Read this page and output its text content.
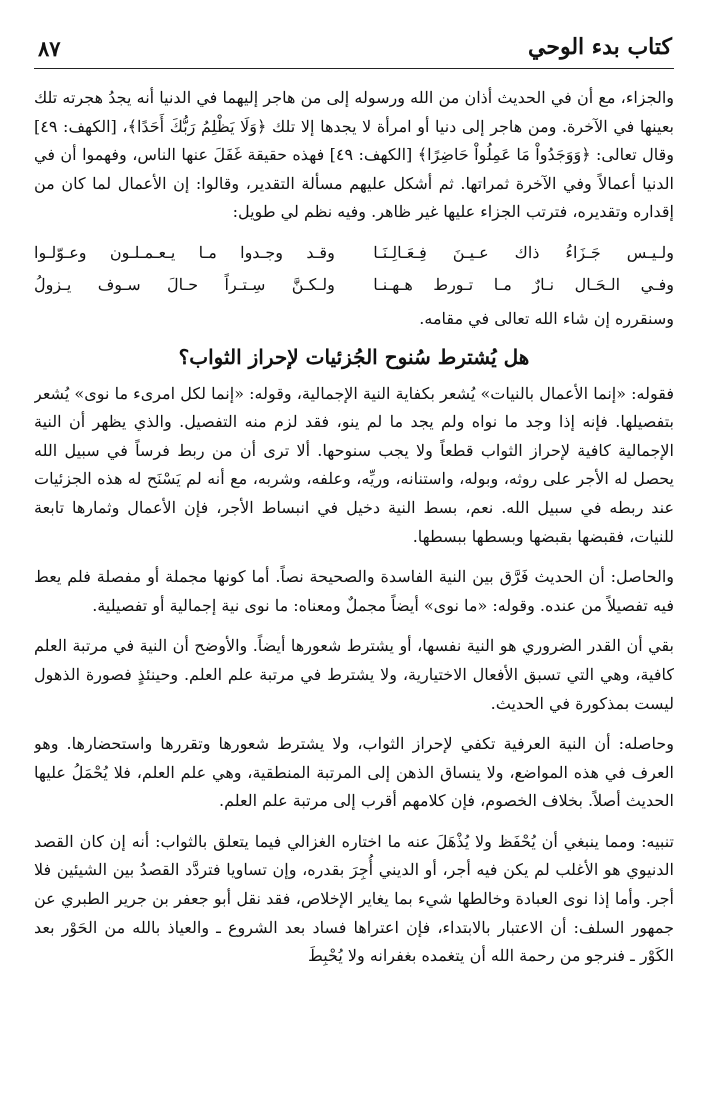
٨٧	كتاب بدء الوحي

والجزاء، مع أن في الحديث أذان من الله ورسوله إلى من هاجر إليهما في الدنيا أنه يجدُ هجرته تلك بعينها في الآخرة. ومن هاجر إلى دنيا أو امرأة لا يجدها إلا تلك ﴿وَلَا يَظْلِمُ رَبُّكَ أَحَدًا﴾، [الكهف: ٤٩] وقال تعالى: ﴿وَوَجَدُواْ مَا عَمِلُواْ حَاضِرًا﴾ [الكهف: ٤٩] فهذه حقيقة غَفَلَ عنها الناس، وفهموا أن في الدنيا أعمالاً وفي الآخرة ثمراتها. ثم أشكل عليهم مسألة التقدير، وقالوا: إن الأعمال لما كان من إقداره وتقديره، فترتب الجزاء عليها غير ظاهر. وفيه نظم لي طويل:

ولـيـس جَـزَاءُ ذاك عـيـنَ فِـعَـالِـنَـا
وقـد وجـدوا مـا يـعـمـلـون وعـوّلـوا
وفـي الـحَـال نـارٌ مـا تـورط هـهـنـا
ولـكـنَّ سِـتـراً حـالَ سـوف يـزولُ

وسنقرره إن شاء الله تعالى في مقامه.

هل يُشترط سُنوح الجُزئيات لإحراز الثواب؟

فقوله: «إنما الأعمال بالنيات» يُشعر بكفاية النية الإجمالية، وقوله: «إنما لكل امرىء ما نوى» يُشعر بتفصيلها. فإنه إذا وجد ما نواه ولم يجد ما لم ينو، فقد لزم منه التفصيل. والذي يظهر أن النية الإجمالية كافية لإحراز الثواب قطعاً ولا يجب سنوحها. ألا ترى أن من ربط فرساً في سبيل الله يحصل له الأجر على روثه، وبوله، واستنانه، وريِّه، وعلفه، وشربه، مع أنه لم يَسْنَح له هذه الجزئيات عند ربطه في سبيل الله. نعم، بسط النية دخيل في انبساط الأجر، فإن الأعمال وثمارها تابعة للنيات، فقبضها بقبضها وبسطها ببسطها.

والحاصل: أن الحديث فَرَّق بين النية الفاسدة والصحيحة نصاً. أما كونها مجملة أو مفصلة فلم يعط فيه تفصيلاً من عنده. وقوله: «ما نوى» أيضاً مجملٌ ومعناه: ما نوى نية إجمالية أو تفصيلية.

بقي أن القدر الضروري هو النية نفسها، أو يشترط شعورها أيضاً. والأوضح أن النية في مرتبة العلم كافية، وهي التي تسبق الأفعال الاختيارية، ولا يشترط في مرتبة علم العلم. وحينئذٍ فصورة الذهول ليست بمذكورة في الحديث.

وحاصله: أن النية العرفية تكفي لإحراز الثواب، ولا يشترط شعورها وتقررها واستحضارها. وهو العرف في هذه المواضع، ولا ينساق الذهن إلى المرتبة المنطقية، وهي علم العلم، فلا يُحْمَلُ عليها الحديث أصلاً. بخلاف الخصوم، فإن كلامهم أقرب إلى مرتبة علم العلم.

تنبيه: ومما ينبغي أن يُحْفَظ ولا يُذْهَلَ عنه ما اختاره الغزالي فيما يتعلق بالثواب: أنه إن كان القصد الدنيوي هو الأغلب لم يكن فيه أجر، أو الديني أُجِرَ بقدره، وإن تساويا فتردَّد القصدُ بين الشيئين فلا أجر. وأما إذا نوى العبادة وخالطها شيء بما يغاير الإخلاص، فقد نقل أبو جعفر بن جرير الطبري عن جمهور السلف: أن الاعتبار بالابتداء، فإن اعتراها فساد بعد الشروع ـ والعياذ بالله من الحَوْر بعد الكَوْر ـ فنرجو من رحمة الله أن يتغمده بغفرانه ولا يُحْبِطَ
